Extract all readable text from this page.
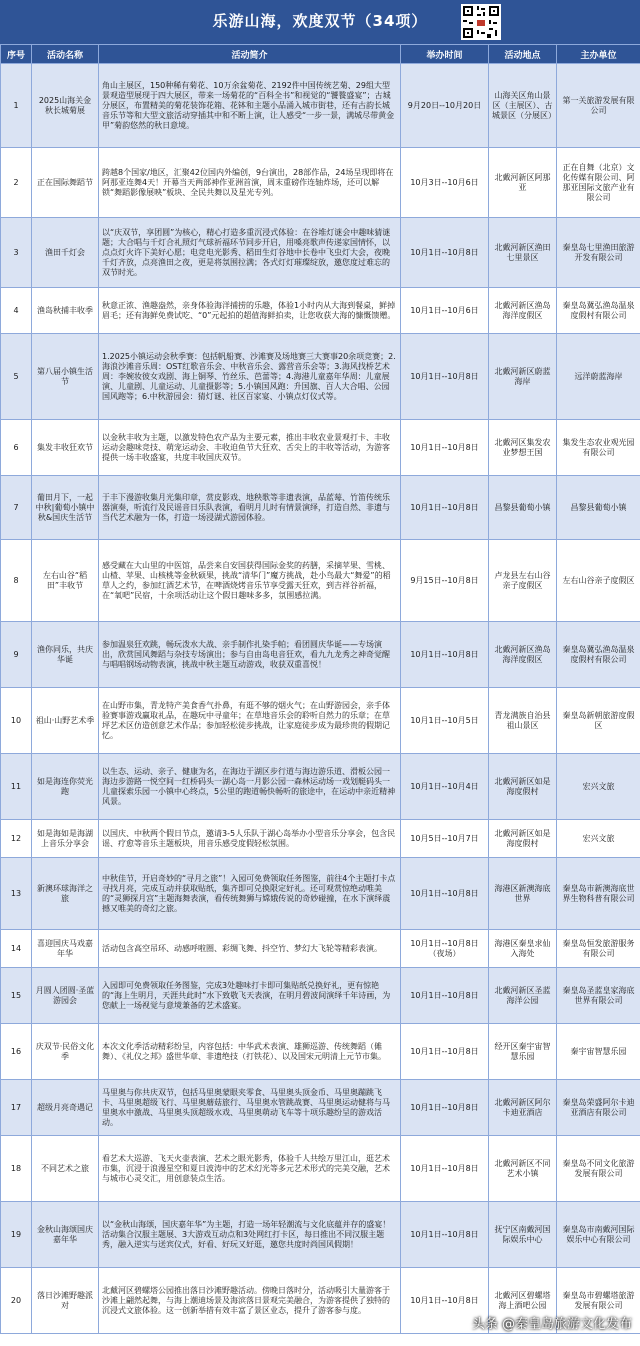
乐游山海，欢度双节（34项）
序号	活动名称	活动简介	举办时间	活动地点	主办单位
1	2025山海关金秋长城菊展	角山主展区，150种稀有菊花、10万余盆菊花、2192件中国传统艺菊、29组大型景观造型展现于四大展区，带来一场菊花的“百科全书”和视觉的“饕餮盛宴”；古城分展区，布置精美的菊花装饰花箱、花钵和主题小品涌入城市街巷，还有古韵长城音乐节等和大型文旅活动穿插其中和不断上演，让人感受“一步一景，满城尽带黄金甲”菊韵悠然的秋日意境。	9月20日--10月20日	山海关区角山景区（主展区）、古城景区（分展区）	第一关旅游发展有限公司
2	正在国际舞蹈节	跨越8个国家/地区，汇聚42位国内外编创，9台演出，28部作品，24场呈现即将在阿那亚连舞4天！开幕当天两部神作亚洲首演，周末重磅作连轴炸场，还可以解锁“舞蹈影像展映”板块、全民共舞以及星光专列。	10月3日--10月6日	北戴河新区阿那亚	正在自舞（北京）文化传媒有限公司、阿那亚国际文旅产业有限公司
3	渔田千灯会	以“庆双节，享团圆”为核心，精心打造多重沉浸式体验：在谷堆灯谜会中趣味猜谜题；大合唱与千灯合礼照灯气球祈福环节同步开启，用嗓亮歌声传递家国情怀，以点点灯火许下美好心愿；电竞电光影秀、稻田生灯谷地中长卷中飞虫灯大会，夜晚千灯齐放，点亮渔田之夜，更是将氛围拉满；各式灯灯璀璨绽放，邀您度过难忘的双节时光。	10月1日--10月8日	北戴河新区渔田七里景区	秦皇岛七里渔田旅游开发有限公司
4	渔岛秋捕丰收季	秋意正浓、渔趣盎然，亲身体验海洋捕捞的乐趣，体验1小时内从大海到餐桌，鲜掉眉毛；还有海鲜免费试吃、“0”元起拍的超值海鲜拍卖，让您收获大海的慷慨馈赠。	10月1日--10月6日	北戴河新区渔岛海洋度假区	秦皇岛冀弘渔岛温泉度假村有限公司
5	第八届小镇生活节	1.2025小镇运动会秋季赛：包括帆船赛、沙滩赛及场地赛三大赛事20余项竞赛；2.海浪沙滩音乐周：OST红歌音乐会、中秋音乐会、露营音乐会等；3.海风找桥艺术周：李婉妆彼女戏剧、海上铜琴、竹丝乐、芭蕾等；4.海港儿童嘉年华周：儿童展演、儿童剧、儿童运动、儿童摄影等；5.小镇国风跑：升国旗、百人大合唱、公园国风跑等；6.中秋游园会：猜灯谜、社区百家宴、小镇点灯仪式等。	10月1日--10月8日	北戴河新区蔚蓝海岸	远洋蔚蓝海岸
6	集发丰收狂欢节	以金秋丰收为主题，以激发特色农产品为主要元素，推出丰收农业景观打卡、丰收运动会趣味竞技、萌宠运动会、丰收迫鱼节大狂欢、舌尖上的丰收等活动，为游客提供一场丰收盛宴，共度丰收国庆双节。	10月1日--10月8日	北戴河区集发农业梦想王国	集发生态农业观光园有限公司
7	葡田月下，一起中秋|葡萄小镇中秋&国庆生活节	于丰下漫游收集月光集印章，赏皮影戏、地秧歌等非遗表演，品蓝莓、竹笛传统乐器演奏，听流行及民谣音日乐队表演，看明月儿时有情景演绎，打造自然、非遗与当代艺术融为一体，打造一场浸湖式游园体验。	10月1日--10月8日	昌黎县葡萄小镇	昌黎县葡萄小镇
8	左右山谷“稻田”丰收节	感受藏在大山里的中医馆，品尝来自安国获得国际金奖的药膳，采摘苹果、雪桃、山楂、苹果、山核桃等金秋硕果，挑战“清华门”魔方挑战，赴小鸟最大“舞爱”的稻草人之约，参加红酒艺术节，在啤酒烧烤音乐节享受露天狂欢，到吉祥谷祈福，在“氧吧”民宿，十余项活动让这个假日趣味多多，氛围感拉满。	9月15日--10月8日	卢龙县左右山谷亲子度假区	左右山谷亲子度假区
9	渔你同乐，共庆华诞	参加温泉狂欢跳，畅玩泼水大战、亲手制作扎染手帕；看团圆庆华诞——专场演出，欣赏国风舞蹈与杂技专场演出；参与自由岛电音狂欢，看九九龙秀之神奇觉醒与唱唱钢场动物表演，挑战中秋主题互动游戏，收获双重喜悦！	10月1日--10月8日	北戴河新区渔岛海洋度假区	秦皇岛冀弘渔岛温泉度假村有限公司
10	祖山·山野艺术季	在山野市集，青龙特产美食香气扑鼻，有逛不够的烟火气；在山野游园会，亲手体验赛事游戏赢取礼品，在趣玩中寻童年；在草地音乐会的聆听自然力的乐章；在草坪艺术区仿造创意艺术作品；参加轻松徒步挑战，让家庭徒步成为最珍贵的假期记忆。	10月1日--10月5日	青龙满族自治县祖山景区	秦皇岛新朝旅游度假区
11	如是海连你荧光跑	以生态、运动、亲子、健康为名，在海边于湖区步行道与海边游乐道、滑板公园一海边步游路一悦空间一红桥码头一湖心岛一月影公园一森林运动场一戏划艇码头一儿童探索乐园一小镇中心终点，5公里的跑道畅快畅听的旅途中，在运动中亲近精神风景。	10月1日--10月4日	北戴河新区如是海度假村	宏兴文旅
12	如是海如是海湖上音乐分享会	以国庆、中秋两个假日节点，邀请3-5人乐队于湖心岛举办小型音乐分享会，包含民谣、疗愈等音乐主题板块，用音乐感受度假轻松氛围。	10月5日--10月7日	北戴河新区如是海度假村	宏兴文旅
13	新澳环球海洋之旅	中秋佳节，开启奇妙的“寻月之旅”！入园可免费领取任务图鉴，前往4个主题打卡点寻找月亮，完成互动并获取贴纸，集齐即可兑换限定好礼。还可观赏惊绝动唯美的“灵狮探月宫”主题海舞表演，看传统舞狮与嫦娥传说的奇妙碰撞，在水下演绎震撼又唯美的奇幻之旅。	10月1日--10月8日	海港区新澳海底世界	秦皇岛市新澳海底世界生物科普有限公司
14	喜迎国庆马戏嘉年华	活动包含高空吊环、动感呼啦圈、彩绸飞舞、抖空竹、梦幻大飞轮等精彩表演。	10月1日--10月8日（夜场）	海港区秦皇求仙入海处	秦皇岛恒发旅游服务有限公司
15	月圆人团圆·圣蓝游园会	入园即可免费领取任务图鉴，完成3处趣味打卡即可集贴纸兑换好礼，更有惊艳的“海上生明月，天涯共此时”水下致敬飞天表演，在明月碧波间演绎千年诗画，为您献上一场视觉与意境兼备的艺术盛宴。	10月1日--10月8日	北戴河新区圣蓝海洋公园	秦皇岛圣蓝皇家海底世界有限公司
16	庆双节·民俗文化季	本次文化季活动精彩纷呈，内容包括：中华武术表演、雄狮巡游、传统舞蹈（傩舞）、《礼仪之邦》盛世华章、非遗绝技（打铁花）、以及国宋元明清上元节市集。	10月1日--10月8日	经开区秦宇宙智慧乐园	秦宇宙智慧乐园
17	超级月亮奇遇记	马里奥与你共庆双节，包括马里奥蒙眼夹零食、马里奥头顶金币、马里奥蹦跳飞卡、马里奥超级飞行、马里奥蘑菇旅行、马里奥水管跳战赛、马里奥运动健将与马里奥水中激战、马里奥头顶超级水戏、马里奥萌动飞车等十项乐趣纷呈的游戏活动。	10月1日--10月8日	北戴河新区阿尔卡迪亚酒店	秦皇岛荣盛阿尔卡迪亚酒店有限公司
18	不同艺术之旅	看艺术大巡游、飞天火壶表演、艺术之眼光影秀，体验千人共绘万里江山，逛艺术市集，沉浸于浪漫星空和夏日波涛中的艺术幻光等多元艺术形式的完美交融，艺术与城市心灵交汇，用创意装点生活。	10月1日--10月8日	北戴河新区不同艺术小镇	秦皇岛不同文化旅游发展有限公司
19	金秋山海颂国庆嘉年华	以“金秋山海颂，国庆嘉年华”为主题，打造一场年轻潮流与文化底蕴并存的盛宴！活动集合汉服主题展、3大游戏互动点和3处网红打卡区，每日推出不同汉服主题秀，融入逆实与送宾仪式，好看、好玩又好逛，邀您共度时尚国风假期！	10月1日--10月8日	抚宁区南戴河国际娱乐中心	秦皇岛市南戴河国际娱乐中心有限公司
20	落日沙滩野趣派对	北戴河区碧螺塔公园推出落日沙滩野趣活动。傍晚日落时分，活动吸引大量游客于沙滩上翩然起舞，与海上潮迪场景及海滨落日景观完美融合，为游客提供了独特的沉浸式文旅体验。这一创新举措有效丰富了景区业态，提升了游客参与度。	10月1日--10月8日	北戴河区碧螺塔海上酒吧公园	秦皇岛市碧螺塔旅游发展有限公司
头条 @秦皇岛旅游文化发布
